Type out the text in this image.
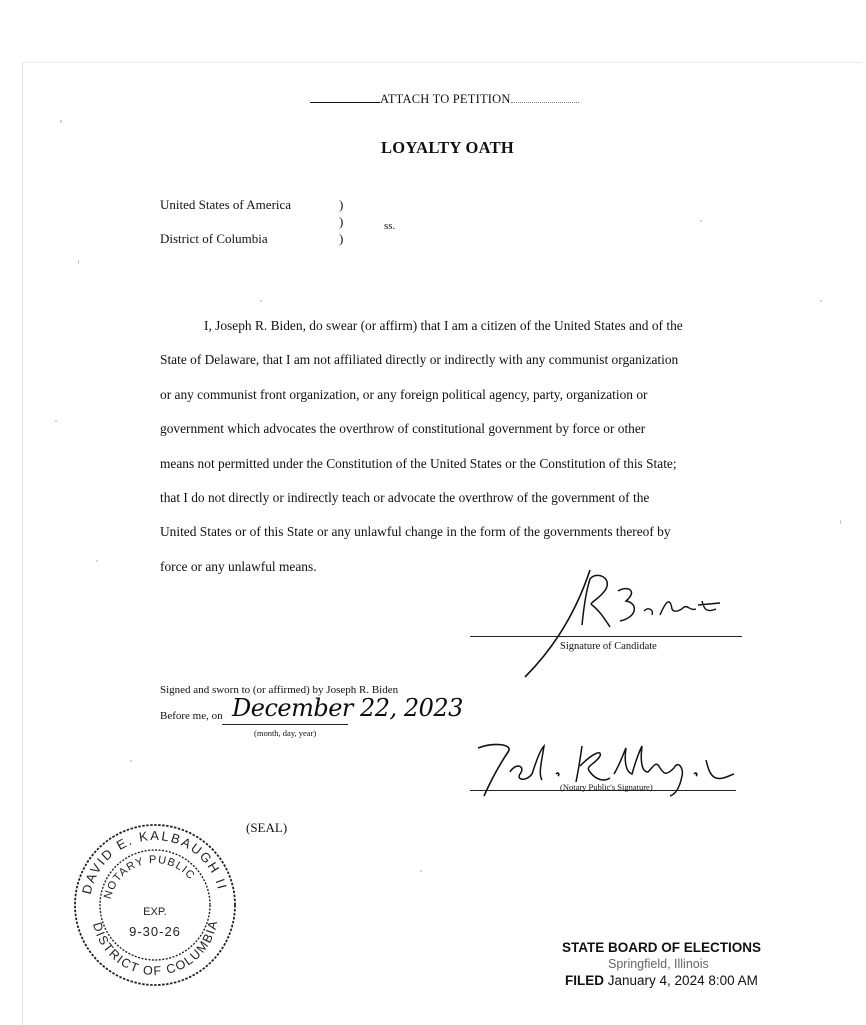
ATTACH TO PETITION
LOYALTY OATH
United States of America
District of Columbia
)
)
)
ss.
I, Joseph R. Biden, do swear (or affirm) that I am a citizen of the United States and of the
State of Delaware, that I am not affiliated directly or indirectly with any communist organization
or any communist front organization, or any foreign political agency, party, organization or
government which advocates the overthrow of constitutional government by force or other
means not permitted under the Constitution of the United States or the Constitution of this State;
that I do not directly or indirectly teach or advocate the overthrow of the government of the
United States or of this State or any unlawful change in the form of the governments thereof by
force or any unlawful means.
Signature of Candidate
Signed and sworn to (or affirmed) by Joseph R. Biden
Before me, on December 22, 2023
(month, day, year)
(Notary Public's Signature)
(SEAL)
DAVID E. KALBAUGH II
DISTRICT OF COLUMBIA
NOTARY PUBLIC
EXP.
9-30-26
STATE BOARD OF ELECTIONS
Springfield, Illinois
FILED January 4, 2024 8:00 AM
